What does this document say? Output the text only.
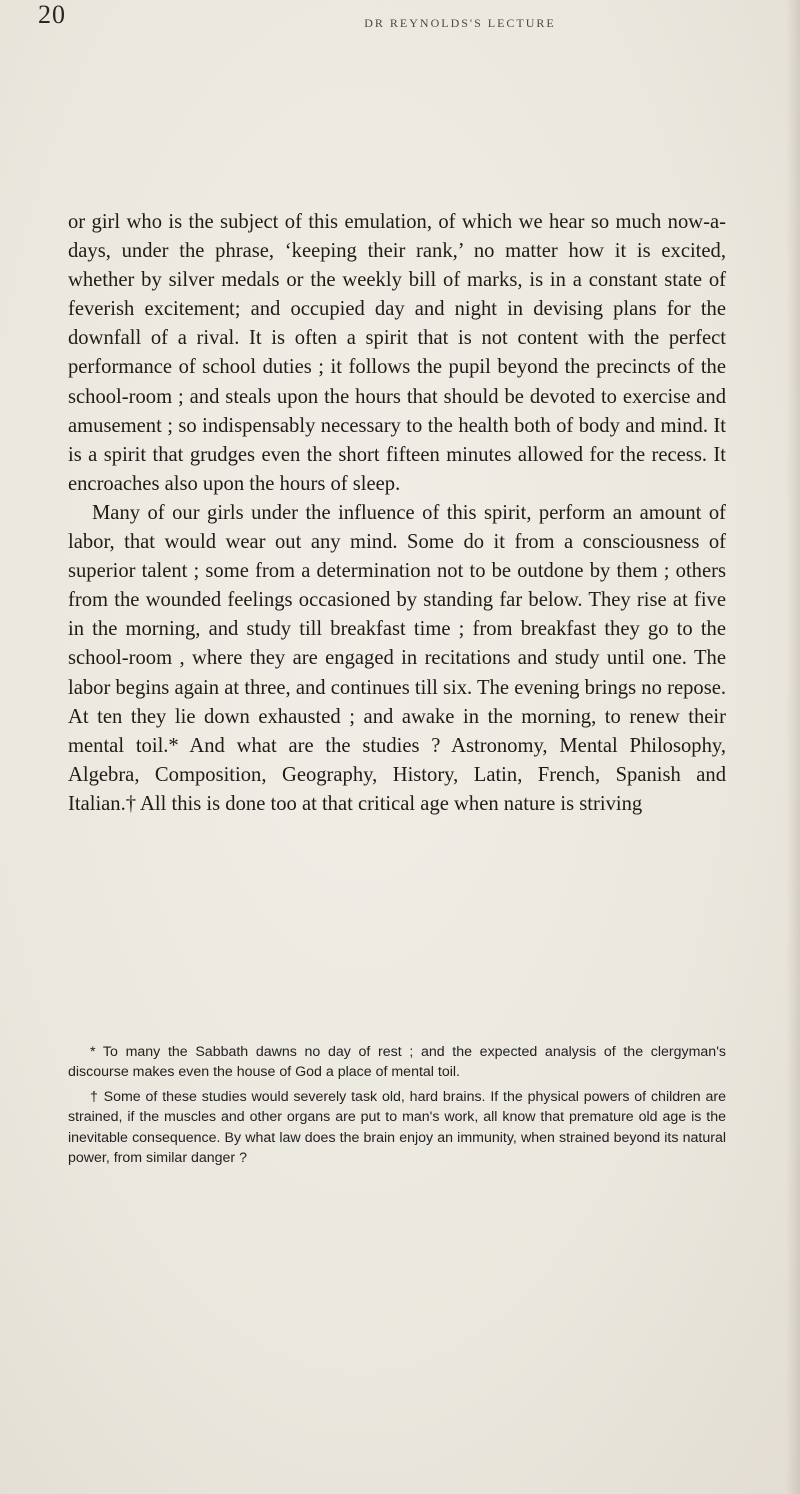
20	DR REYNOLDS'S LECTURE

or girl who is the subject of this emulation, of which we hear so much now-a-days, under the phrase, ‘keeping their rank,’ no matter how it is excited, whether by silver medals or the weekly bill of marks, is in a constant state of feverish excitement; and occupied day and night in devising plans for the downfall of a rival. It is often a spirit that is not content with the perfect performance of school duties ; it follows the pupil beyond the precincts of the school-room ; and steals upon the hours that should be devoted to exercise and amusement ; so indispensably necessary to the health both of body and mind. It is a spirit that grudges even the short fifteen minutes allowed for the recess. It encroaches also upon the hours of sleep.

Many of our girls under the influence of this spirit, perform an amount of labor, that would wear out any mind. Some do it from a consciousness of superior talent ; some from a determination not to be outdone by them ; others from the wounded feelings occasioned by standing far below. They rise at five in the morning, and study till breakfast time ; from breakfast they go to the school-room , where they are engaged in recitations and study until one. The labor begins again at three, and continues till six. The evening brings no repose. At ten they lie down exhausted ; and awake in the morning, to renew their mental toil.* And what are the studies ? Astronomy, Mental Philosophy, Algebra, Composition, Geography, History, Latin, French, Spanish and Italian.† All this is done too at that critical age when nature is striving

* To many the Sabbath dawns no day of rest ; and the expected analysis of the clergyman's discourse makes even the house of God a place of mental toil.

† Some of these studies would severely task old, hard brains. If the physical powers of children are strained, if the muscles and other organs are put to man's work, all know that premature old age is the inevitable consequence. By what law does the brain enjoy an immunity, when strained beyond its natural power, from similar danger ?
